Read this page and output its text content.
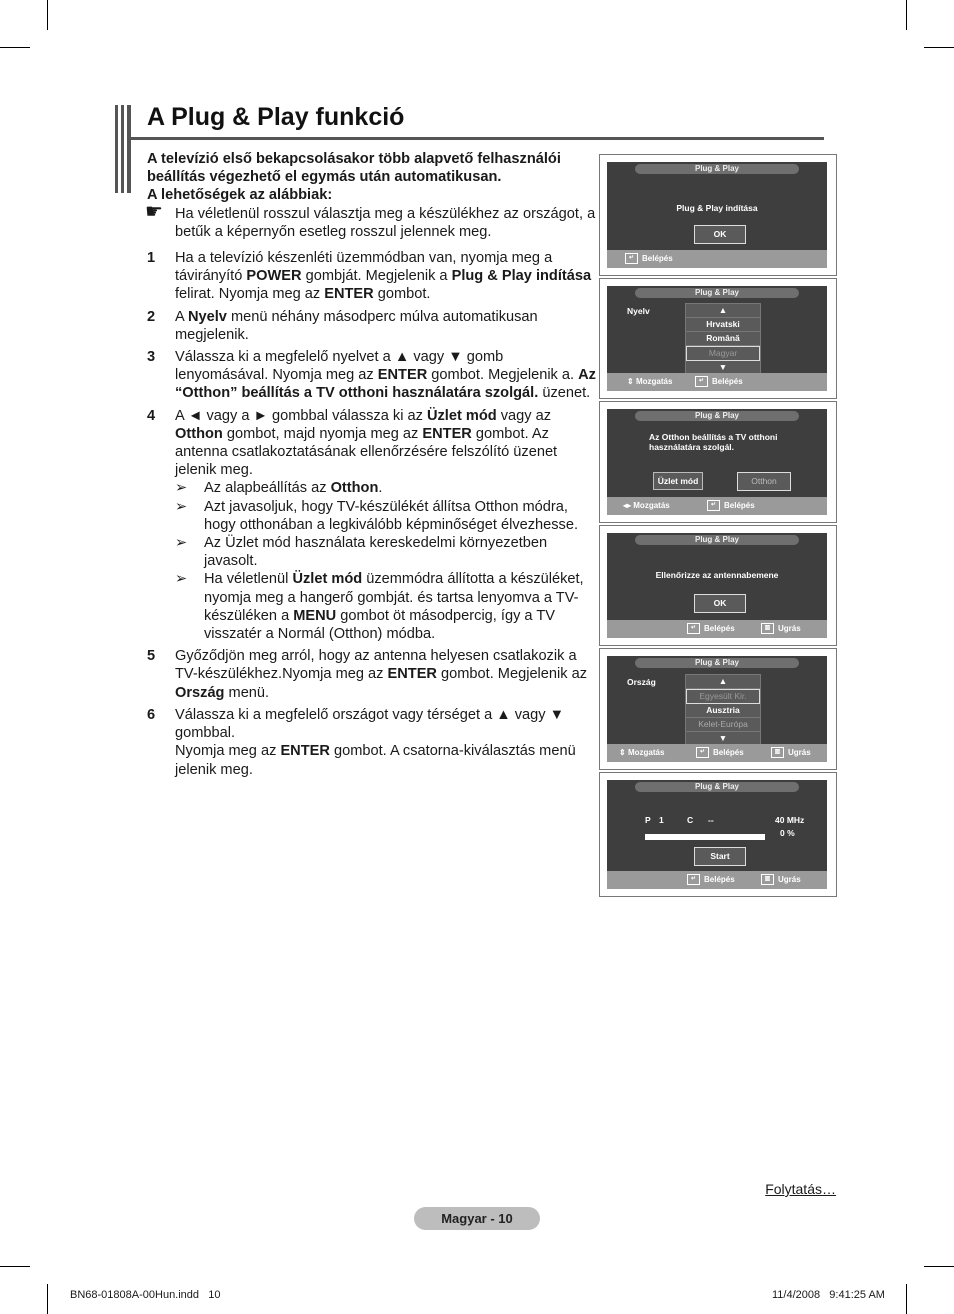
A Plug & Play funkció
A televízió első bekapcsolásakor több alapvető felhasználói
beállítás végezhető el egymás után automatikusan.
A lehetőségek az alábbiak:
☛ Ha véletlenül rosszul választja meg a készülékhez az országot, a betűk a képernyőn esetleg rosszul jelennek meg.
1 Ha a televízió készenléti üzemmódban van, nyomja meg a távirányító POWER gombját. Megjelenik a Plug & Play indítása felirat. Nyomja meg az ENTER gombot.
2 A Nyelv menü néhány másodperc múlva automatikusan megjelenik.
3 Válassza ki a megfelelő nyelvet a ▲ vagy ▼ gomb lenyomásával. Nyomja meg az ENTER gombot. Megjelenik a. Az “Otthon” beállítás a TV otthoni használatára szolgál. üzenet.
4 A ◄ vagy a ► gombbal válassza ki az Üzlet mód vagy az Otthon gombot, majd nyomja meg az ENTER gombot. Az antenna csatlakoztatásának ellenőrzésére felszólító üzenet jelenik meg.
➢ Az alapbeállítás az Otthon.
➢ Azt javasoljuk, hogy TV-készülékét állítsa Otthon módra, hogy otthonában a legkiválóbb képminőséget élvezhesse.
➢ Az Üzlet mód használata kereskedelmi környezetben javasolt.
➢ Ha véletlenül Üzlet mód üzemmódra állította a készüléket, nyomja meg a hangerő gombját. és tartsa lenyomva a TV-készüléken a MENU gombot öt másodpercig, így a TV visszatér a Normál (Otthon) módba.
5 Győződjön meg arról, hogy az antenna helyesen csatlakozik a TV-készülékhez.Nyomja meg az ENTER gombot. Megjelenik az Ország menü.
6 Válassza ki a megfelelő országot vagy térséget a ▲ vagy ▼ gombbal.
Nyomja meg az ENTER gombot. A csatorna-kiválasztás menü jelenik meg.
Plug & Play
Plug & Play indítása
OK
↵ Belépés
Plug & Play
Nyelv	▲
Hrvatski
Română
Magyar
▼
⇕ Mozgatás	↵ Belépés
Plug & Play
Az Otthon beállítás a TV otthoni
használatára szolgál.
Üzlet mód	Otthon
◂▸ Mozgatás	↵ Belépés
Plug & Play
Ellenőrizze az antennabemene
OK
↵ Belépés	▥ Ugrás
Plug & Play
Ország	▲
Egyesült Kir.
Ausztria
Kelet-Európa
▼
⇕ Mozgatás	↵ Belépés	▥ Ugrás
Plug & Play
P 1	C --	40 MHz
0 %
Start
↵ Belépés	▥ Ugrás
Folytatás…
Magyar - 10
BN68-01808A-00Hun.indd   10	11/4/2008   9:41:25 AM
